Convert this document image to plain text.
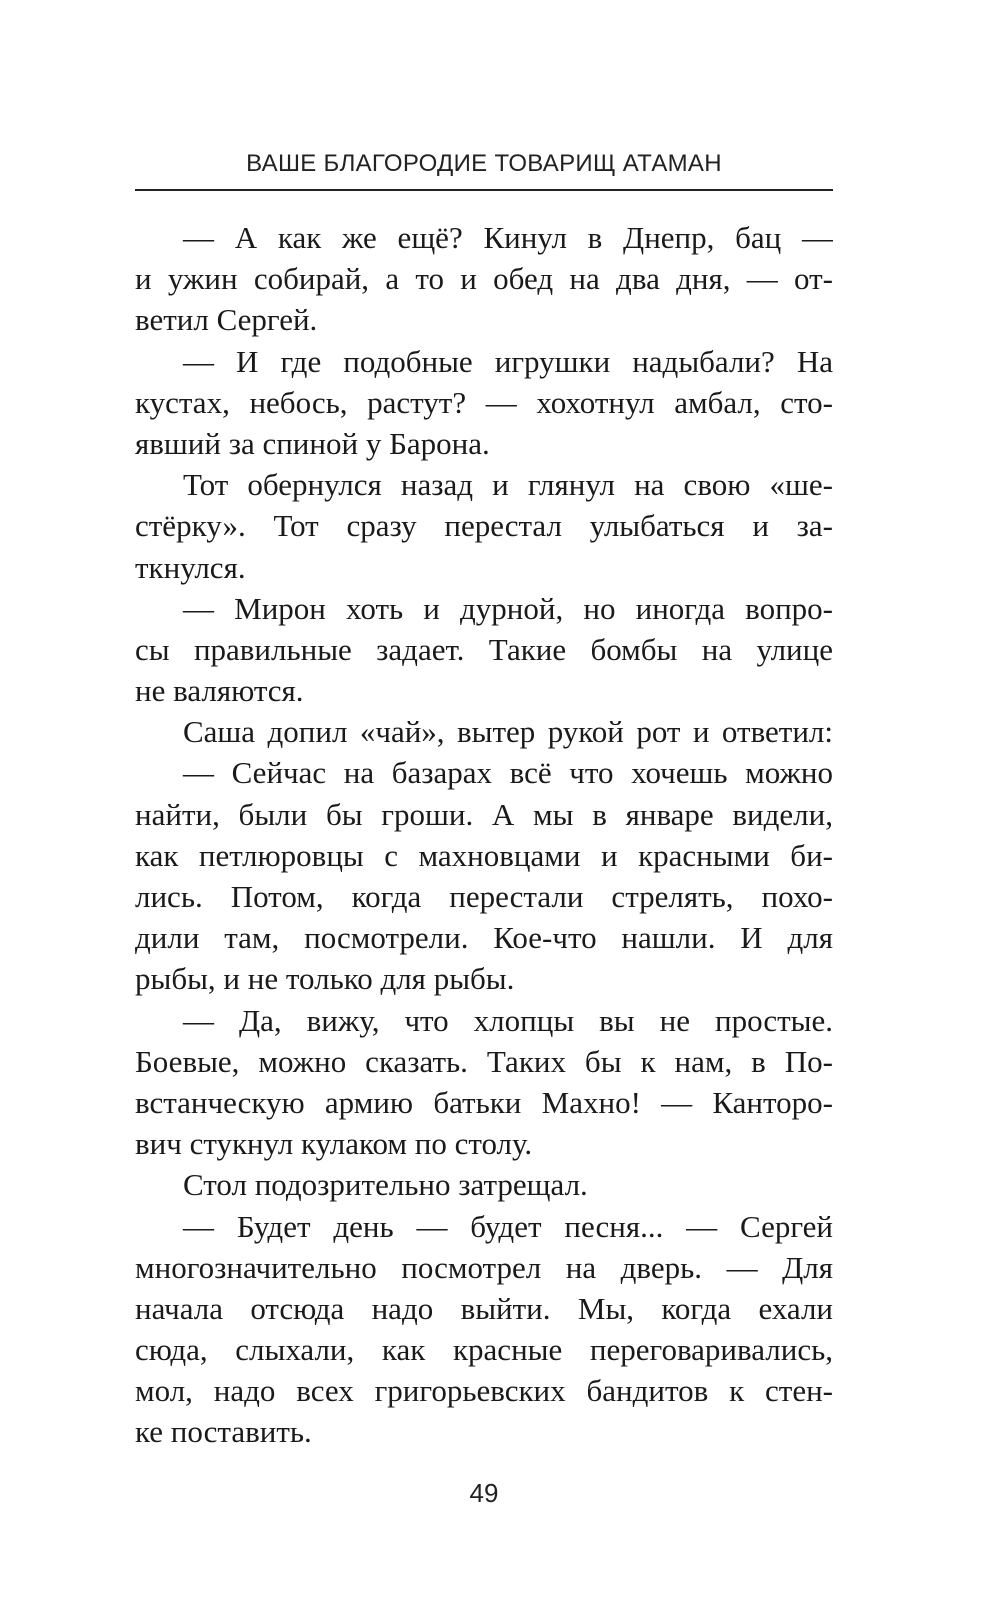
ВАШЕ БЛАГОРОДИЕ ТОВАРИЩ АТАМАН
— А как же ещё? Кинул в Днепр, бац —
и ужин собирай, а то и обед на два дня, — от-
ветил Сергей.
— И где подобные игрушки надыбали? На
кустах, небось, растут? — хохотнул амбал, сто-
явший за спиной у Барона.
Тот обернулся назад и глянул на свою «ше-
стёрку». Тот сразу перестал улыбаться и за-
ткнулся.
— Мирон хоть и дурной, но иногда вопро-
сы правильные задает. Такие бомбы на улице
не валяются.
Саша допил «чай», вытер рукой рот и ответил:
— Сейчас на базарах всё что хочешь можно
найти, были бы гроши. А мы в январе видели,
как петлюровцы с махновцами и красными би-
лись. Потом, когда перестали стрелять, похо-
дили там, посмотрели. Кое-что нашли. И для
рыбы, и не только для рыбы.
— Да, вижу, что хлопцы вы не простые.
Боевые, можно сказать. Таких бы к нам, в По-
встанческую армию батьки Махно! — Канторо-
вич стукнул кулаком по столу.
Стол подозрительно затрещал.
— Будет день — будет песня... — Сергей
многозначительно посмотрел на дверь. — Для
начала отсюда надо выйти. Мы, когда ехали
сюда, слыхали, как красные переговаривались,
мол, надо всех григорьевских бандитов к стен-
ке поставить.
49
